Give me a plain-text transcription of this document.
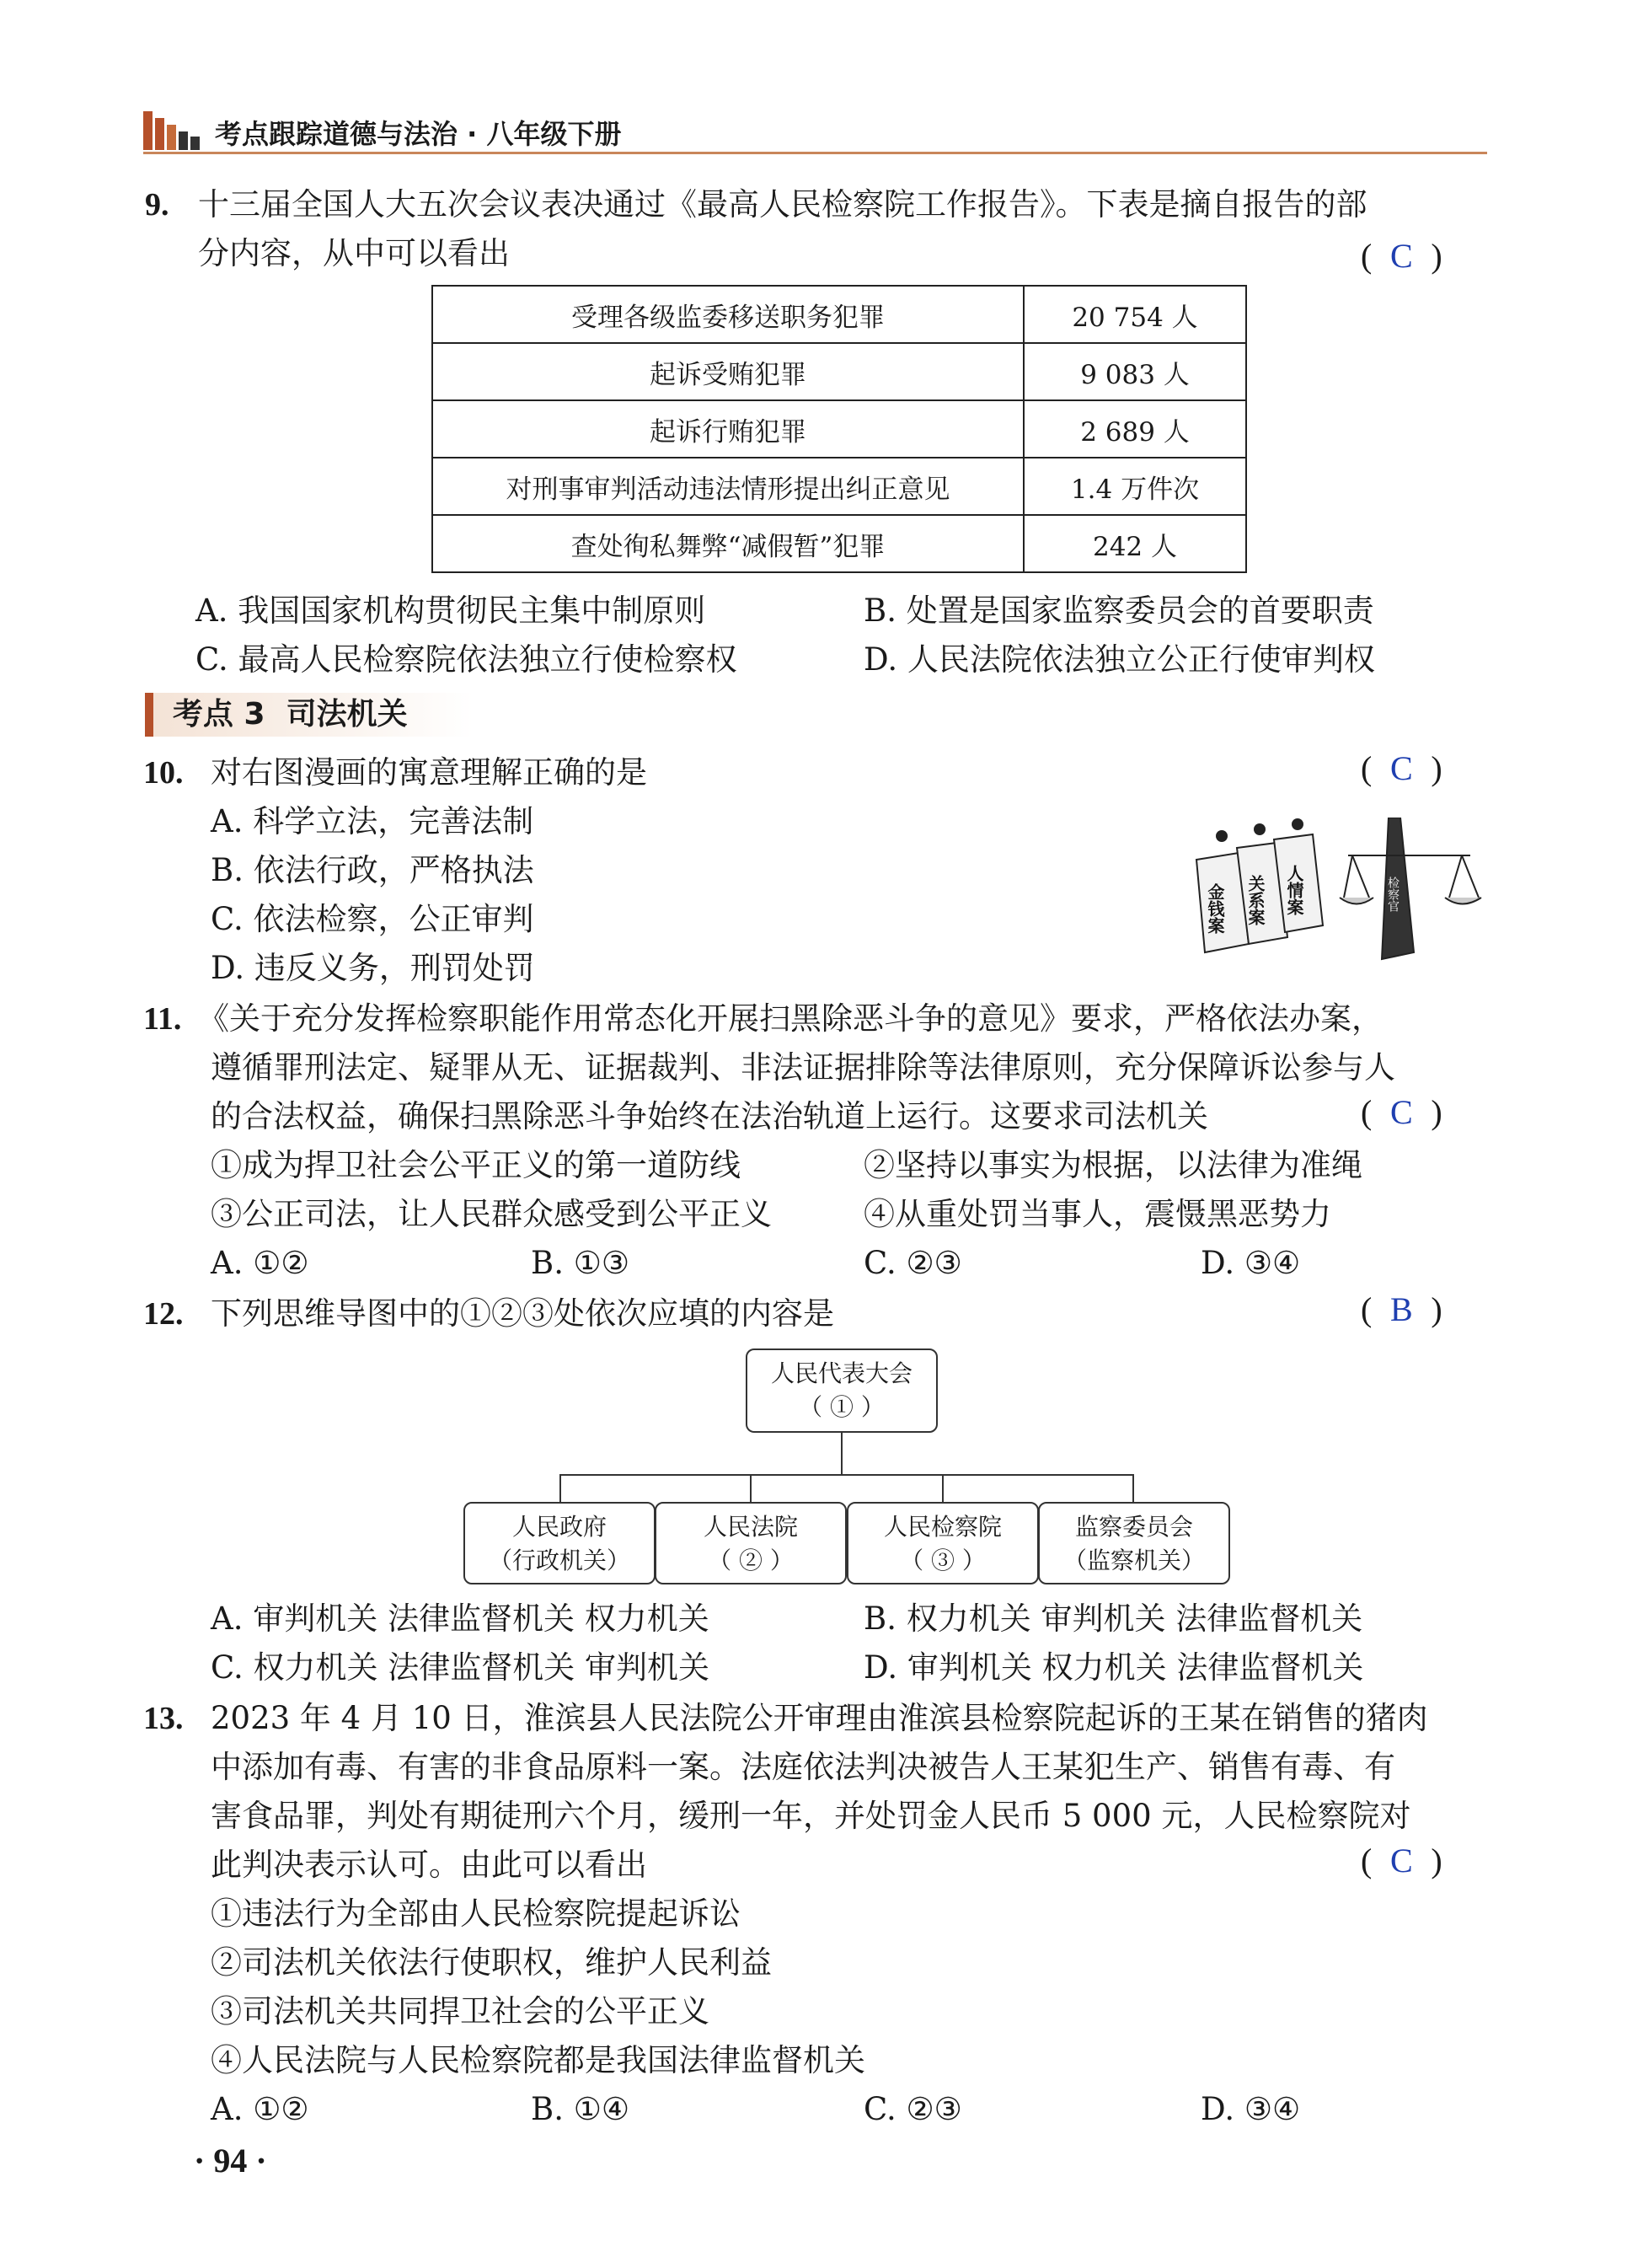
考点跟踪道德与法治 · 八年级下册
9. 十三届全国人大五次会议表决通过《最高人民检察院工作报告》。下表是摘自报告的部
分内容，从中可以看出	( C )
受理各级监委移送职务犯罪	20 754 人
起诉受贿犯罪	9 083 人
起诉行贿犯罪	2 689 人
对刑事审判活动违法情形提出纠正意见	1.4 万件次
查处徇私舞弊“减假暂”犯罪	242 人
A. 我国国家机构贯彻民主集中制原则	B. 处置是国家监察委员会的首要职责
C. 最高人民检察院依法独立行使检察权	D. 人民法院依法独立公正行使审判权
考点 3 司法机关
10. 对右图漫画的寓意理解正确的是	( C )
A. 科学立法，完善法制
B. 依法行政，严格执法
C. 依法检察，公正审判
D. 违反义务，刑罚处罚
金钱案 关系案 人情案	检察官
11. 《关于充分发挥检察职能作用常态化开展扫黑除恶斗争的意见》要求，严格依法办案，
遵循罪刑法定、疑罪从无、证据裁判、非法证据排除等法律原则，充分保障诉讼参与人
的合法权益，确保扫黑除恶斗争始终在法治轨道上运行。这要求司法机关	( C )
①成为捍卫社会公平正义的第一道防线	②坚持以事实为根据，以法律为准绳
③公正司法，让人民群众感受到公平正义	④从重处罚当事人，震慑黑恶势力
A. ①②	B. ①③	C. ②③	D. ③④
12. 下列思维导图中的①②③处依次应填的内容是	( B )
人民代表大会
（ ① ）
人民政府
（行政机关）
人民法院
（ ② ）
人民检察院
（ ③ ）
监察委员会
（监察机关）
A. 审判机关 法律监督机关 权力机关	B. 权力机关 审判机关 法律监督机关
C. 权力机关 法律监督机关 审判机关	D. 审判机关 权力机关 法律监督机关
13. 2023 年 4 月 10 日，淮滨县人民法院公开审理由淮滨县检察院起诉的王某在销售的猪肉
中添加有毒、有害的非食品原料一案。法庭依法判决被告人王某犯生产、销售有毒、有
害食品罪，判处有期徒刑六个月，缓刑一年，并处罚金人民币 5 000 元，人民检察院对
此判决表示认可。由此可以看出	( C )
①违法行为全部由人民检察院提起诉讼
②司法机关依法行使职权，维护人民利益
③司法机关共同捍卫社会的公平正义
④人民法院与人民检察院都是我国法律监督机关
A. ①②	B. ①④	C. ②③	D. ③④
· 94 ·
